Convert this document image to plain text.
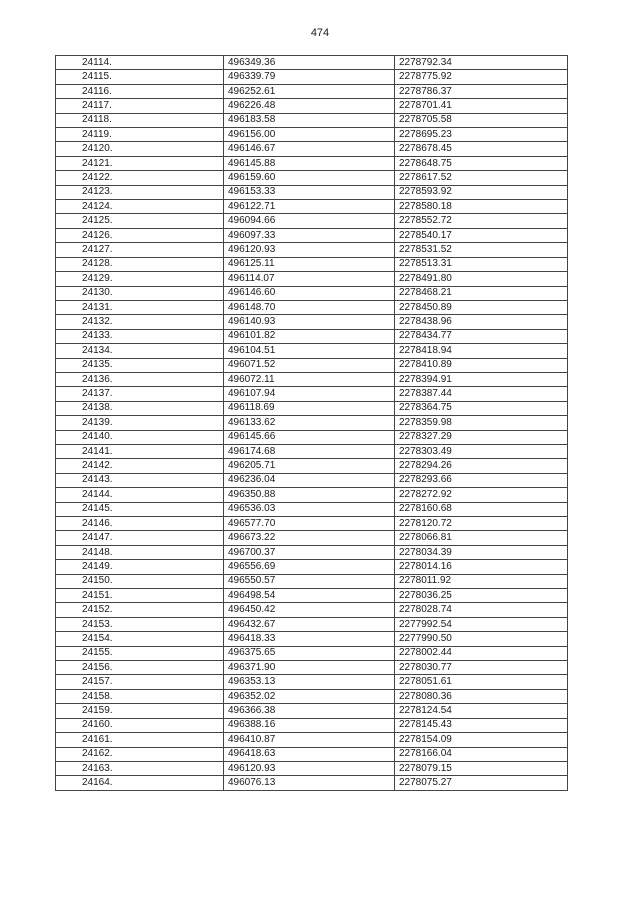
474
24114.	496349.36	2278792.34
24115.	496339.79	2278775.92
24116.	496252.61	2278786.37
24117.	496226.48	2278701.41
24118.	496183.58	2278705.58
24119.	496156.00	2278695.23
24120.	496146.67	2278678.45
24121.	496145.88	2278648.75
24122.	496159.60	2278617.52
24123.	496153.33	2278593.92
24124.	496122.71	2278580.18
24125.	496094.66	2278552.72
24126.	496097.33	2278540.17
24127.	496120.93	2278531.52
24128.	496125.11	2278513.31
24129.	496114.07	2278491.80
24130.	496146.60	2278468.21
24131.	496148.70	2278450.89
24132.	496140.93	2278438.96
24133.	496101.82	2278434.77
24134.	496104.51	2278418.94
24135.	496071.52	2278410.89
24136.	496072.11	2278394.91
24137.	496107.94	2278387.44
24138.	496118.69	2278364.75
24139.	496133.62	2278359.98
24140.	496145.66	2278327.29
24141.	496174.68	2278303.49
24142.	496205.71	2278294.26
24143.	496236.04	2278293.66
24144.	496350.88	2278272.92
24145.	496536.03	2278160.68
24146.	496577.70	2278120.72
24147.	496673.22	2278066.81
24148.	496700.37	2278034.39
24149.	496556.69	2278014.16
24150.	496550.57	2278011.92
24151.	496498.54	2278036.25
24152.	496450.42	2278028.74
24153.	496432.67	2277992.54
24154.	496418.33	2277990.50
24155.	496375.65	2278002.44
24156.	496371.90	2278030.77
24157.	496353.13	2278051.61
24158.	496352.02	2278080.36
24159.	496366.38	2278124.54
24160.	496388.16	2278145.43
24161.	496410.87	2278154.09
24162.	496418.63	2278166.04
24163.	496120.93	2278079.15
24164.	496076.13	2278075.27
